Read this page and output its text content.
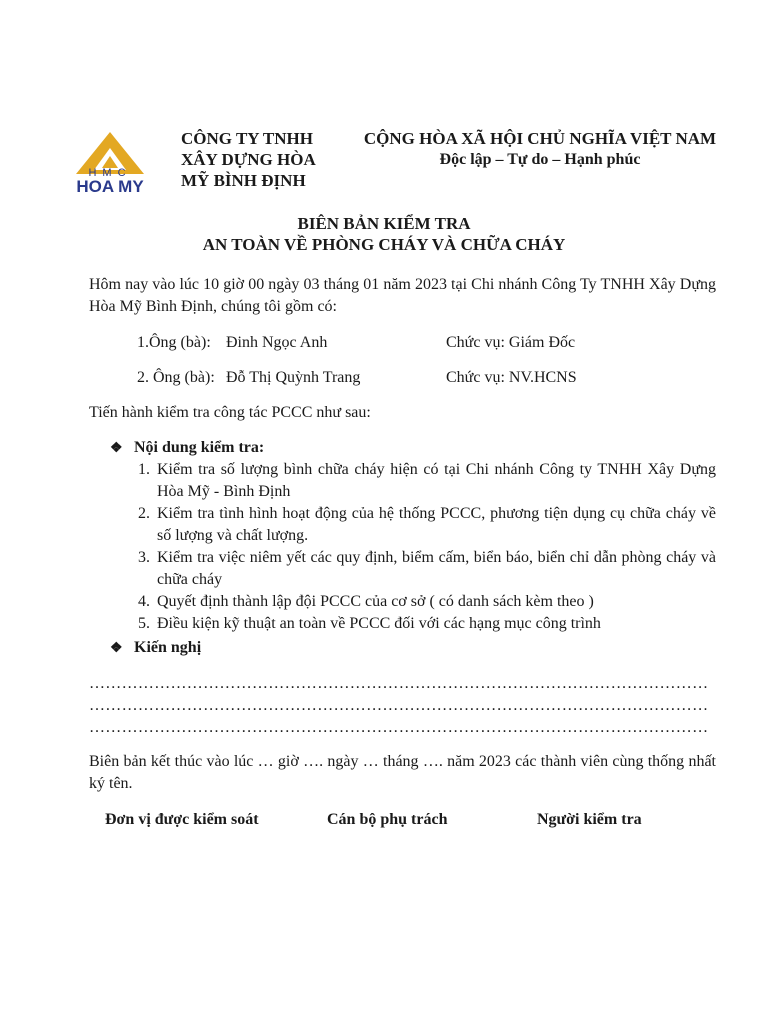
HMC
HOA MY
CÔNG TY TNHH
XÂY DỰNG HÒA
MỸ BÌNH ĐỊNH
CỘNG HÒA XÃ HỘI CHỦ NGHĨA VIỆT NAM
Độc lập – Tự do – Hạnh phúc
BIÊN BẢN KIỂM TRA
AN TOÀN VỀ PHÒNG CHÁY VÀ CHỮA CHÁY
Hôm nay vào lúc 10 giờ 00 ngày 03 tháng 01 năm 2023 tại Chi nhánh Công Ty TNHH Xây Dựng Hòa Mỹ Bình Định, chúng tôi gồm có:
1.Ông (bà): Đinh Ngọc Anh	Chức vụ: Giám Đốc
2. Ông (bà): Đỗ Thị Quỳnh Trang	Chức vụ: NV.HCNS
Tiến hành kiểm tra công tác PCCC như sau:
❖ Nội dung kiểm tra:
1. Kiểm tra số lượng bình chữa cháy hiện có tại Chi nhánh Công ty TNHH Xây Dựng Hòa Mỹ - Bình Định
2. Kiểm tra tình hình hoạt động của hệ thống PCCC, phương tiện dụng cụ chữa cháy về số lượng và chất lượng.
3. Kiểm tra việc niêm yết các quy định, biểm cấm, biển báo, biển chỉ dẫn phòng cháy và chữa cháy
4. Quyết định thành lập đội PCCC của cơ sở ( có danh sách kèm theo )
5. Điều kiện kỹ thuật an toàn về PCCC đối với các hạng mục công trình
❖ Kiến nghị
……………………………………………………………………………………………………
……………………………………………………………………………………………………
……………………………………………………………………………………………………
Biên bản kết thúc vào lúc … giờ …. ngày … tháng …. năm 2023 các thành viên cùng thống nhất ký tên.
Đơn vị được kiểm soát	Cán bộ phụ trách	Người kiểm tra
